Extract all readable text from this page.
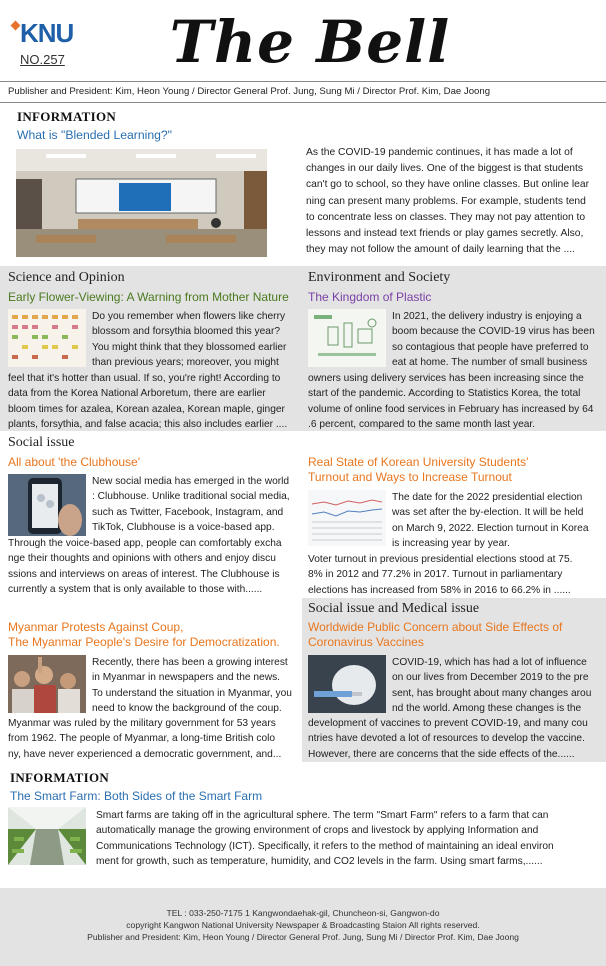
KNU
NO.257 The Bell
Publisher and President: Kim, Heon Young / Director General Prof. Jung, Sung Mi / Director Prof. Kim, Dae Joong
INFORMATION
What is "Blended Learning?"
As the COVID-19 pandemic continues, it has made a lot of
changes in our daily lives. One of the biggest is that students
can't go to school, so they have online classes. But online lear
ning can present many problems. For example, students tend
to concentrate less on classes. They may not pay attention to
lessons and instead text friends or play games secretly. Also,
they may not follow the amount of daily learning that the ....
Science and Opinion
Early Flower-Viewing: A Warning from Mother Nature
Do you remember when flowers like cherry
blossom and forsythia bloomed this year?
You might think that they blossomed earlier
than previous years; moreover, you might
feel that it's hotter than usual. If so, you're right! According to
data from the Korea National Arboretum, there are earlier
bloom times for azalea, Korean azalea, Korean maple, ginger
plants, forsythia, and false acacia; this also includes earlier ....
Environment and Society
The Kingdom of Plastic
In 2021, the delivery industry is enjoying a
boom because the COVID-19 virus has been
so contagious that people have preferred to
eat at home. The number of small business
owners using delivery services has been increasing since the
start of the pandemic. According to Statistics Korea, the total
volume of online food services in February has increased by 64
.6 percent, compared to the same month last year.
Social issue
All about 'the Clubhouse'
New social media has emerged in the world
: Clubhouse. Unlike traditional social media,
such as Twitter, Facebook, Instagram, and
TikTok, Clubhouse is a voice-based app.
Through the voice-based app, people can comfortably excha
nge their thoughts and opinions with others and enjoy discu
ssions and interviews on areas of interest. The Clubhouse is
currently a system that is only available to those with......
Real State of Korean University Students'
Turnout and Ways to Increase Turnout
The date for the 2022 presidential election
was set after the by-election. It will be held
on March 9, 2022. Election turnout in Korea
is increasing year by year.
Voter turnout in previous presidential elections stood at 75.
8% in 2012 and 77.2% in 2017. Turnout in parliamentary
elections has increased from 58% in 2016 to 66.2% in ......
Social issue and Medical issue
Worldwide Public Concern about Side Effects of
Coronavirus Vaccines
COVID-19, which has had a lot of influence
on our lives from December 2019 to the pre
sent, has brought about many changes arou
nd the world. Among these changes is the
development of vaccines to prevent COVID-19, and many cou
ntries have devoted a lot of resources to develop the vaccine.
However, there are concerns that the side effects of the......
Myanmar Protests Against Coup,
The Myanmar People's Desire for Democratization.
Recently, there has been a growing interest
in Myanmar in newspapers and the news.
To understand the situation in Myanmar, you
need to know the background of the coup.
Myanmar was ruled by the military government for 53 years
from 1962. The people of Myanmar, a long-time British colo
ny, have never experienced a democratic government, and...
INFORMATION
The Smart Farm: Both Sides of the Smart Farm
Smart farms are taking off in the agricultural sphere. The term "Smart Farm" refers to a farm that can
automatically manage the growing environment of crops and livestock by applying Information and
Communications Technology (ICT). Specifically, it refers to the method of maintaining an ideal environ
ment for growth, such as temperature, humidity, and CO2 levels in the farm. Using smart farms,......
TEL : 033-250-7175 1 Kangwondaehak-gil, Chuncheon-si, Gangwon-do
copyright Kangwon National University Newspaper & Broadcasting Staion All rights reserved.
Publisher and President: Kim, Heon Young / Director General Prof. Jung, Sung Mi / Director Prof. Kim, Dae Joong
